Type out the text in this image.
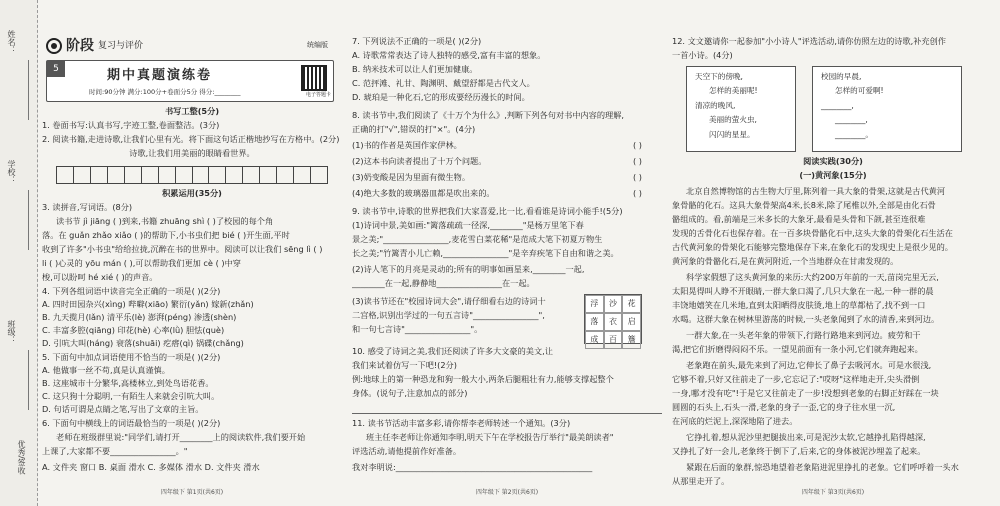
姓名：
学校：
班级：
优秀/签收
阶段 复习与评价	统编版
5	期中真题演练卷
时间:90分钟 满分:100分+卷面分5分 得分:________	电子答题卡
书写工整(5分)
1. 卷面书写:认真书写,字迹工整,卷面整洁。(3分)
2. 阅读书籍,走进诗歌,让我们心里有光。将下面这句话正楷地抄写在方格中。(2分)
诗歌,让我们用美丽的眼睛看世界。
积累运用(35分)
3. 读拼音,写词语。(8分)
读书节 jì jiāng ( )到来,书籍 zhuāng shì ( )了校园的每个角
落。在 guǎn zhǎo xiǎo ( )的帮助下,小书虫们把 bié ( )开生面,平时
收到了许多"小书虫"给给拉拢,沉醉在书的世界中。阅读可以让我们 sēng lì ( )
li ( )心灵的 yōu mán ( ),可以帮助我们更加 cè ( )中穿
梭,可以盼呵 hé xié ( )的声音。
4. 下列各组词语中读音完全正确的一项是( )(2分)
A. 四时田园杂兴(xìng) 哔噼(xiāo) 繁衍(yǎn) 嫁新(zhǎn)
B. 九天揽月(lǎn) 清平乐(lè) 澎湃(péng) 渗透(shèn)
C. 丰富多腔(qiāng) 印花(hè) 心率(lǜ) 胆怯(què)
D. 引吭大叫(háng) 衰落(shuāi) 疙瘩(qì) 锅碟(chǎng)
5. 下面句中加点词语使用不恰当的一项是( )(2分)
A. 他做事一丝不苟,真是认真谨慎。
B. 这座城市十分繁华,高楼林立,到处鸟语花香。
C. 这只狗十分聪明,一有陌生人来就会引吭大叫。
D. 句话可谓是点睛之笔,写出了文章的主旨。
6. 下面句中横线上的词语最恰当的一项是( )(2分)
老师在班级群里说:"同学们,请打开________上的阅读软件,我们要开始
上课了,大家都不要________________。"
A. 文件夹 窗口 B. 桌面 滑水 C. 多媒体 滑水 D. 文件夹 滑水
四年级下 第1页(共6页)
7. 下列说法不正确的一项是( )(2分)
A. 诗歌常常表达了诗人独特的感受,富有丰富的想象。
B. 纳米技术可以让人们更加健康。
C. 范抨滩、礼甘、陶渊明、戴望舒都是古代文人。
D. 琥珀是一种化石,它的形成要经历漫长的时间。
8. 读书节中,我们阅读了《十万个为什么》,判断下列各句对书中内容的理解,
正确的打"√",错误的打"×"。(4分)
(1)书的作者是英国作家伊林。	( )
(2)这本书向读者提出了十万个问题。	( )
(3)奶变酸是因为里面有微生物。	( )
(4)绝大多数的玻璃器皿都是吹出来的。	( )
9. 读书节中,诗歌的世界把我们大家喜爱,比一比,看看谁是诗词小能手!(5分)
(1)诗词中景,美如画:"篱落疏疏一径深,________"是杨万里笔下春
景之美;"________________,麦花雪白菜花稀"是范成大笔下初夏万物生
长之美;"竹篱青小儿亡赖,________________"是辛弃疾笔下自由和谐之美。
(2)诗人笔下的月亮是灵动的;所有的明事如画星来,________一起,
________在一起,静静地________________在一起。
(3)读书节还在"校园诗词大会",请仔细看右边的诗词十
二宫格,识别出学过的一句五言诗"________________",
和一句七言诗"________________"。
浮	沙	花
落	衣	启
成	百	簷
10. 感受了诗词之美,我们还阅读了许多大文豪的美文,让
我们来试着仿写一下吧!(2分)
例:地球上的第一种恐龙和狗一般大小,两条后腿粗壮有力,能够支撑起整个
身体。(说句子,注意加点的部分)
11. 读书节活动丰富多彩,请你帮李老师转述一个通知。(3分)
班主任李老师让你通知李明,明天下午在学校报告厅举行"最美朗读者"
评选活动,请他提前作好准备。
我对李明说:________________________________________________
四年级下 第2页(共6页)
12. 文文邀请你一起参加"小小诗人"评选活动,请你仿照左边的诗歌,补充创作
一首小诗。(4分)
天空下的傍晚,
怎样的美丽呢!
清凉的晚风,
美丽的萤火虫,
闪闪的星星。
校园的早晨,
怎样的可爱啊!
________,
________,
________。
阅读实践(30分)
(一)黄河象(15分)
北京自然博物馆的古生物大厅里,陈列着一具大象的骨架,这就是古代黄河
象骨骼的化石。这具大象骨架高4米,长8米,除了尾椎以外,全部是由化石骨
骼组成的。看,前端是三米多长的大象牙,最看是头骨和下颌,甚至连很难
发现的舌骨化石也保存着。在一百多块骨骼化石中,这头大象的骨架化石生活在
古代黄河象的骨架化石能够完整地保存下来,在象化石的发现史上是很少见的。
黄河象的骨骼化石,是在黄河附近,一个当地群众在甘肃发现的。
科学家假想了这头黄河象的来历:大约200万年前的一天,苗岗完里无云,
太阳晃得叫人睁不开眼睛,一群大象口渴了,几只大象在一起,一种一群的晨
丰饶地嬉笑在几米地,直到太阳晒得皮肤烫,地上的草都枯了,找不到一口
水喝。这群大象在树林里游荡的时候,一头老象闻到了水的清香,来到河边。
一群大象,在一头老年象的带领下,行路行路地来到河边。疲劳和干
渴,把它们折磨得闷闷不乐。一望见前面有一条小河,它们就奔跑起来。
老象跑在前头,最先来到了河边,它伸长了鼻子去吸河水。可是水很浅,
它够不着,只好又往前走了一步,它忘记了:"哎呀"这样地走开,尖头滑倒
一身,哪才没有吃"!于是它又往前走了一步!没想到老象的右脚正好踩在一块
圆圆的石头上,石头一滑,老象的身子一歪,它的身子往水里一沉,
在河底的烂泥上,深深地陷了进去。
它挣扎着,想从泥沙里把腿拔出来,可是泥沙太软,它越挣扎陷得越深,
又挣扎了好一会儿,老象终于倒下了,后来,它的身体被泥沙埋盖了起来。
紧跟在后面的象群,惊恐地望着老象陷进泥里挣扎的老象。它们呼呼着一头水
从那里走开了。
四年级下 第3页(共6页)
